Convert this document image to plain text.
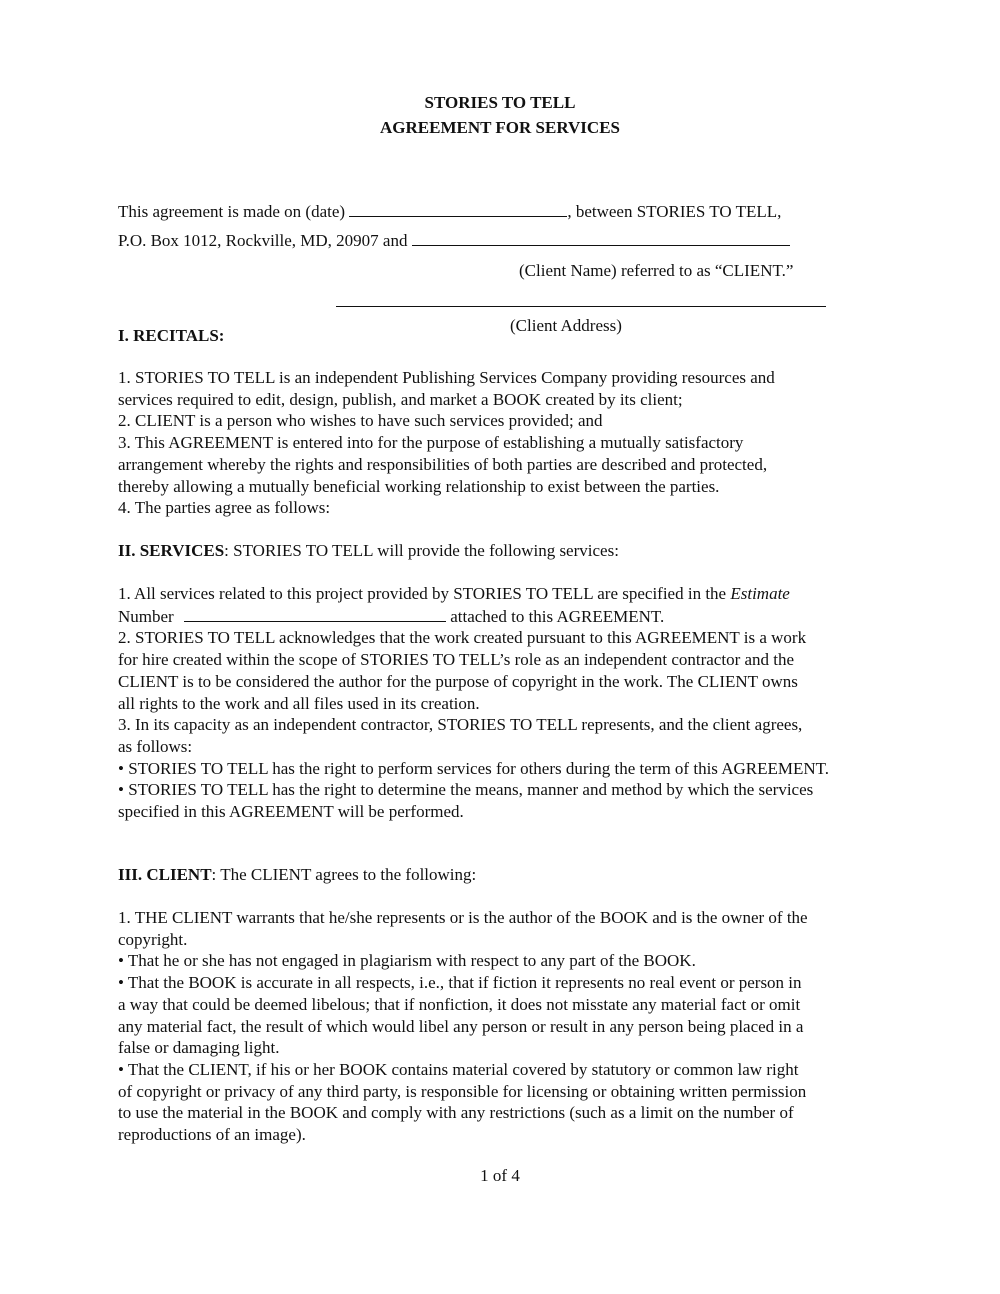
STORIES TO TELL
AGREEMENT FOR SERVICES
This agreement is made on (date)	, between STORIES TO TELL,
P.O. Box 1012, Rockville, MD, 20907 and
(Client Name) referred to as “CLIENT.”
(Client Address)
I. RECITALS:
1. STORIES TO TELL is an independent Publishing Services Company providing resources and
services required to edit, design, publish, and market a BOOK created by its client;
2. CLIENT is a person who wishes to have such services provided; and
3. This AGREEMENT is entered into for the purpose of establishing a mutually satisfactory
arrangement whereby the rights and responsibilities of both parties are described and protected,
thereby allowing a mutually beneficial working relationship to exist between the parties.
4. The parties agree as follows:
II. SERVICES: STORIES TO TELL will provide the following services:
1. All services related to this project provided by STORIES TO TELL are specified in the Estimate
Number	attached to this AGREEMENT.
2. STORIES TO TELL acknowledges that the work created pursuant to this AGREEMENT is a work
for hire created within the scope of STORIES TO TELL’s role as an independent contractor and the
CLIENT is to be considered the author for the purpose of copyright in the work. The CLIENT owns
all rights to the work and all files used in its creation.
3. In its capacity as an independent contractor, STORIES TO TELL represents, and the client agrees,
as follows:
• STORIES TO TELL has the right to perform services for others during the term of this AGREEMENT.
• STORIES TO TELL has the right to determine the means, manner and method by which the services
specified in this AGREEMENT will be performed.
III. CLIENT: The CLIENT agrees to the following:
1. THE CLIENT warrants that he/she represents or is the author of the BOOK and is the owner of the
copyright.
• That he or she has not engaged in plagiarism with respect to any part of the BOOK.
• That the BOOK is accurate in all respects, i.e., that if fiction it represents no real event or person in
a way that could be deemed libelous; that if nonfiction, it does not misstate any material fact or omit
any material fact, the result of which would libel any person or result in any person being placed in a
false or damaging light.
• That the CLIENT, if his or her BOOK contains material covered by statutory or common law right
of copyright or privacy of any third party, is responsible for licensing or obtaining written permission
to use the material in the BOOK and comply with any restrictions (such as a limit on the number of
reproductions of an image).
1 of 4
